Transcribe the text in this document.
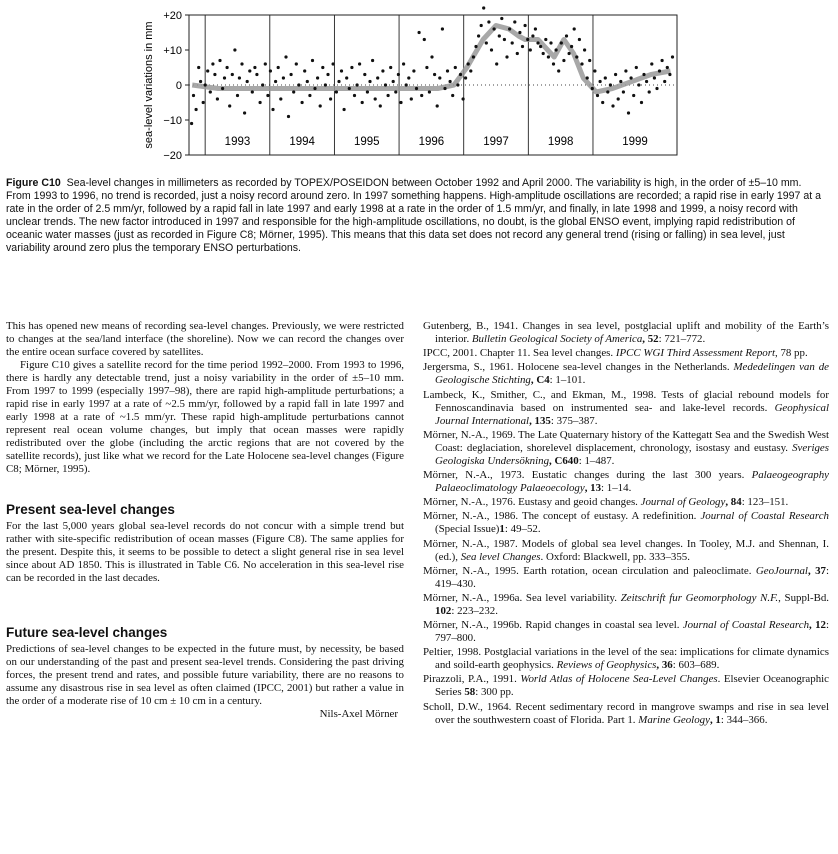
sea-level variations in mm
+20
+10
0
−10
−20
1993	1994	1995	1996	1997	1998	1999
Figure C10 Sea-level changes in millimeters as recorded by TOPEX/POSEIDON between October 1992 and April 2000. The variability is high, in the order of ±5–10 mm. From 1993 to 1996, no trend is recorded, just a noisy record around zero. In 1997 something happens. High-amplitude oscillations are recorded; a rapid rise in early 1997 at a rate in the order of 2.5 mm/yr, followed by a rapid fall in late 1997 and early 1998 at a rate in the order of 1.5 mm/yr, and finally, in late 1998 and 1999, a noisy record with unclear trends. The new factor introduced in 1997 and responsible for the high-amplitude oscillations, no doubt, is the global ENSO event, implying rapid redistribution of oceanic water masses (just as recorded in Figure C8; Mörner, 1995). This means that this data set does not record any general trend (rising or falling) in sea level, just variability around zero plus the temporary ENSO perturbations.

This has opened new means of recording sea-level changes. Previously, we were restricted to changes at the sea/land interface (the shoreline). Now we can record the changes over the entire ocean surface covered by satellites.

Figure C10 gives a satellite record for the time period 1992–2000. From 1993 to 1996, there is hardly any detectable trend, just a noisy variability in the order of ±5–10 mm. From 1997 to 1999 (especially 1997–98), there are rapid high-amplitude perturbations; a rapid rise in early 1997 at a rate of ~2.5 mm/yr, followed by a rapid fall in late 1997 and early 1998 at a rate of ~1.5 mm/yr. These rapid high-amplitude perturbations cannot represent real ocean volume changes, but imply that ocean masses were rapidly redistributed over the globe (including the arctic regions that are not covered by the satellite records), just like what we record for the Late Holocene sea-level changes (Figure C8; Mörner, 1995).

Present sea-level changes

For the last 5,000 years global sea-level records do not concur with a simple trend but rather with site-specific redistribution of ocean masses (Figure C8). The same applies for the present. Despite this, it seems to be possible to detect a slight general rise in sea level since about AD 1850. This is illustrated in Table C6. No acceleration in this sea-level rise can be recorded in the last decades.

Future sea-level changes

Predictions of sea-level changes to be expected in the future must, by necessity, be based on our understanding of the past and present sea-level trends. Considering the past driving forces, the present trend and rates, and possible future variability, there are no reasons to assume any disastrous rise in sea level as often claimed (IPCC, 2001) but rather a value in the order of a moderate rise of 10 cm ± 10 cm in a century.

Nils-Axel Mörner

Gutenberg, B., 1941. Changes in sea level, postglacial uplift and mobility of the Earth’s interior. Bulletin Geological Society of America, 52: 721–772.

IPCC, 2001. Chapter 11. Sea level changes. IPCC WGI Third Assessment Report, 78 pp.

Jergersma, S., 1961. Holocene sea-level changes in the Netherlands. Mededelingen van de Geologische Stichting, C4: 1–101.

Lambeck, K., Smither, C., and Ekman, M., 1998. Tests of glacial rebound models for Fennoscandinavia based on instrumented sea- and lake-level records. Geophysical Journal International, 135: 375–387.

Mörner, N.-A., 1969. The Late Quaternary history of the Kattegatt Sea and the Swedish West Coast: deglaciation, shorelevel displacement, chronology, isostasy and eustasy. Sveriges Geologiska Undersökning, C640: 1–487.

Mörner, N.-A., 1973. Eustatic changes during the last 300 years. Palaeogeography Palaeoclimatology Palaeoecology, 13: 1–14.

Mörner, N.-A., 1976. Eustasy and geoid changes. Journal of Geology, 84: 123–151.

Mörner, N.-A., 1986. The concept of eustasy. A redefinition. Journal of Coastal Research (Special Issue)1: 49–52.

Mörner, N.-A., 1987. Models of global sea level changes. In Tooley, M.J. and Shennan, I. (ed.), Sea level Changes. Oxford: Blackwell, pp. 333–355.

Mörner, N.-A., 1995. Earth rotation, ocean circulation and paleoclimate. GeoJournal, 37: 419–430.

Mörner, N.-A., 1996a. Sea level variability. Zeitschrift fur Geomorphology N.F., Suppl-Bd. 102: 223–232.

Mörner, N.-A., 1996b. Rapid changes in coastal sea level. Journal of Coastal Research, 12: 797–800.

Peltier, 1998. Postglacial variations in the level of the sea: implications for climate dynamics and soild-earth geophysics. Reviews of Geophysics, 36: 603–689.

Pirazzoli, P.A., 1991. World Atlas of Holocene Sea-Level Changes. Elsevier Oceanographic Series 58: 300 pp.

Scholl, D.W., 1964. Recent sedimentary record in mangrove swamps and rise in sea level over the southwestern coast of Florida. Part 1. Marine Geology, 1: 344–366.
